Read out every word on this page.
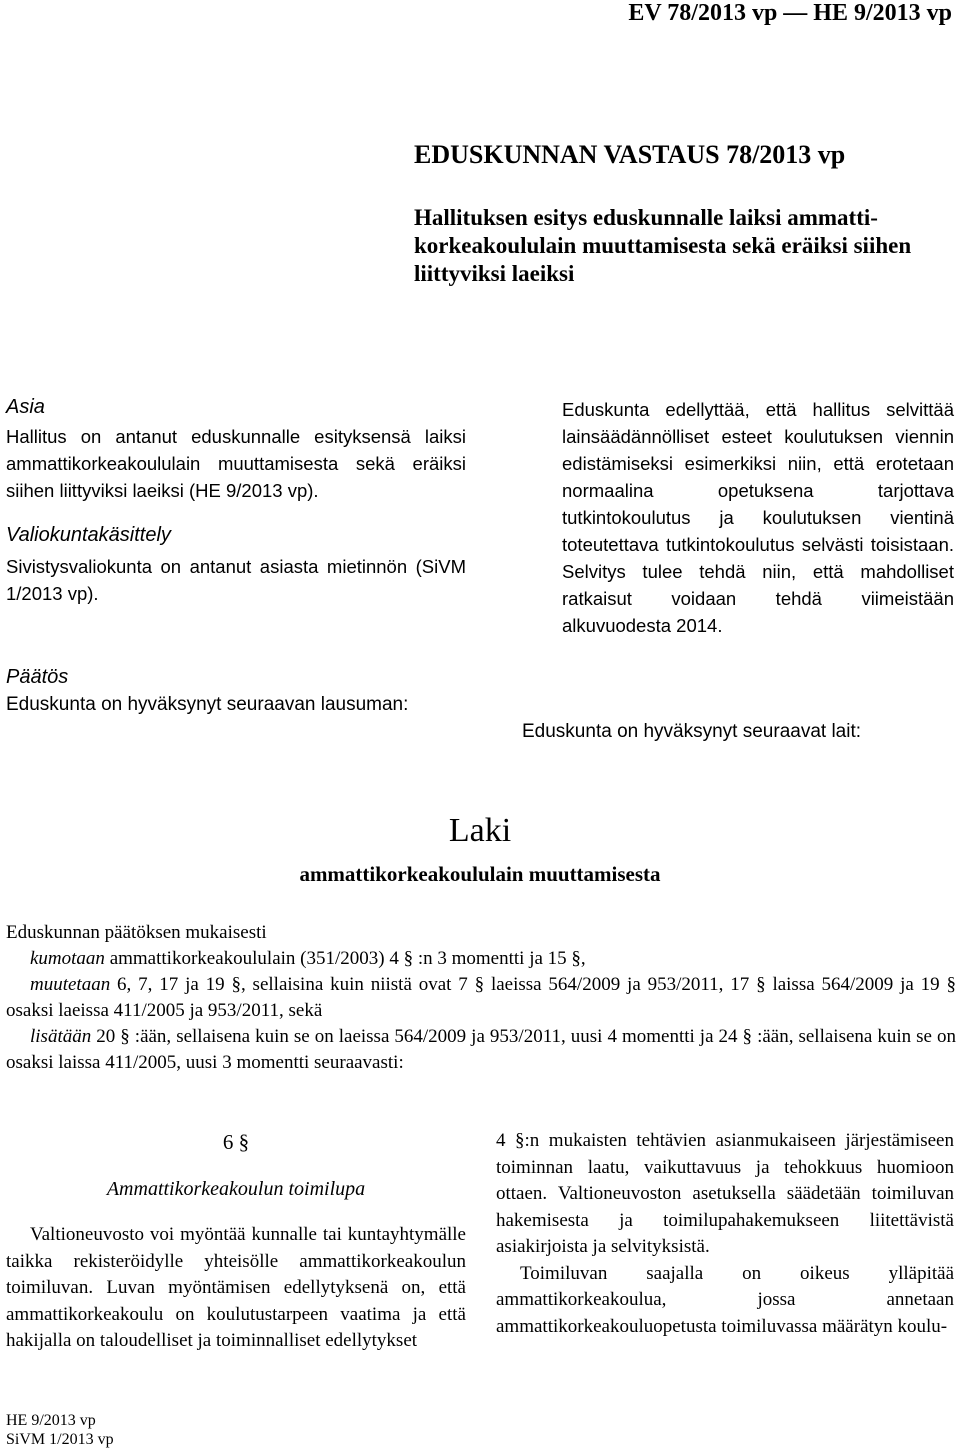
EV 78/2013 vp — HE 9/2013 vp
EDUSKUNNAN VASTAUS 78/2013 vp
Hallituksen esitys eduskunnalle laiksi ammattikorkeakoululain muuttamisesta sekä eräiksi siihen liittyviksi laeiksi
Asia

Hallitus on antanut eduskunnalle esityksensä laiksi ammattikorkeakoululain muuttamisesta sekä eräiksi siihen liittyviksi laeiksi (HE 9/2013 vp).

Valiokuntakäsittely

Sivistysvaliokunta on antanut asiasta mietinnön (SiVM 1/2013 vp).

Eduskunta edellyttää, että hallitus selvittää lainsäädännölliset esteet koulutuksen viennin edistämiseksi esimerkiksi niin, että erotetaan normaalina opetuksena tarjottava tutkintokoulutus ja koulutuksen vientinä toteutettava tutkintokoulutus selvästi toisistaan. Selvitys tulee tehdä niin, että mahdolliset ratkaisut voidaan tehdä viimeistään alkuvuodesta 2014.

Päätös
Eduskunta on hyväksynyt seuraavan lausuman:
Eduskunta on hyväksynyt seuraavat lait:
Laki
ammattikorkeakoululain muuttamisesta

Eduskunnan päätöksen mukaisesti

kumotaan ammattikorkeakoululain (351/2003) 4 § :n 3 momentti ja 15 §,

muutetaan 6, 7, 17 ja 19 §, sellaisina kuin niistä ovat 7 § laeissa 564/2009 ja 953/2011, 17 § laissa 564/2009 ja 19 § osaksi laeissa 411/2005 ja 953/2011, sekä

lisätään 20 § :ään, sellaisena kuin se on laeissa 564/2009 ja 953/2011, uusi 4 momentti ja 24 § :ään, sellaisena kuin se on osaksi laissa 411/2005, uusi 3 momentti seuraavasti:

6 §
Ammattikorkeakoulun toimilupa

Valtioneuvosto voi myöntää kunnalle tai kuntayhtymälle taikka rekisteröidylle yhteisölle ammattikorkeakoulun toimiluvan. Luvan myöntämisen edellytyksenä on, että ammattikorkeakoulu on koulutustarpeen vaatima ja että hakijalla on taloudelliset ja toiminnalliset edellytykset

4 §:n mukaisten tehtävien asianmukaiseen järjestämiseen toiminnan laatu, vaikuttavuus ja tehokkuus huomioon ottaen. Valtioneuvoston asetuksella säädetään toimiluvan hakemisesta ja toimilupahakemukseen liitettävistä asiakirjoista ja selvityksistä.

Toimiluvan saajalla on oikeus ylläpitää ammattikorkeakoulua, jossa annetaan ammattikorkeakouluopetusta toimiluvassa määrätyn koulu-

HE 9/2013 vp
SiVM 1/2013 vp
